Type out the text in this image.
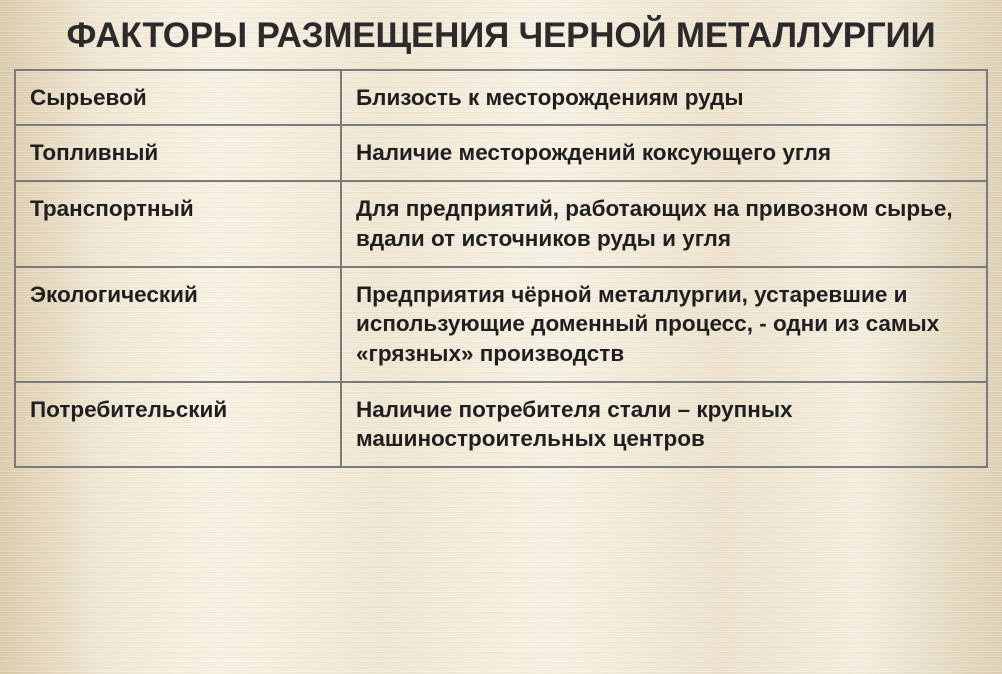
ФАКТОРЫ РАЗМЕЩЕНИЯ ЧЕРНОЙ МЕТАЛЛУРГИИ
Сырьевой	Близость к месторождениям руды
Топливный	Наличие месторождений коксующего угля
Транспортный	Для предприятий, работающих на привозном сырье, вдали от источников руды и угля
Экологический	Предприятия чёрной металлургии, устаревшие и использующие доменный процесс, - одни из самых «грязных» производств
Потребительский	Наличие потребителя стали – крупных машиностроительных центров
